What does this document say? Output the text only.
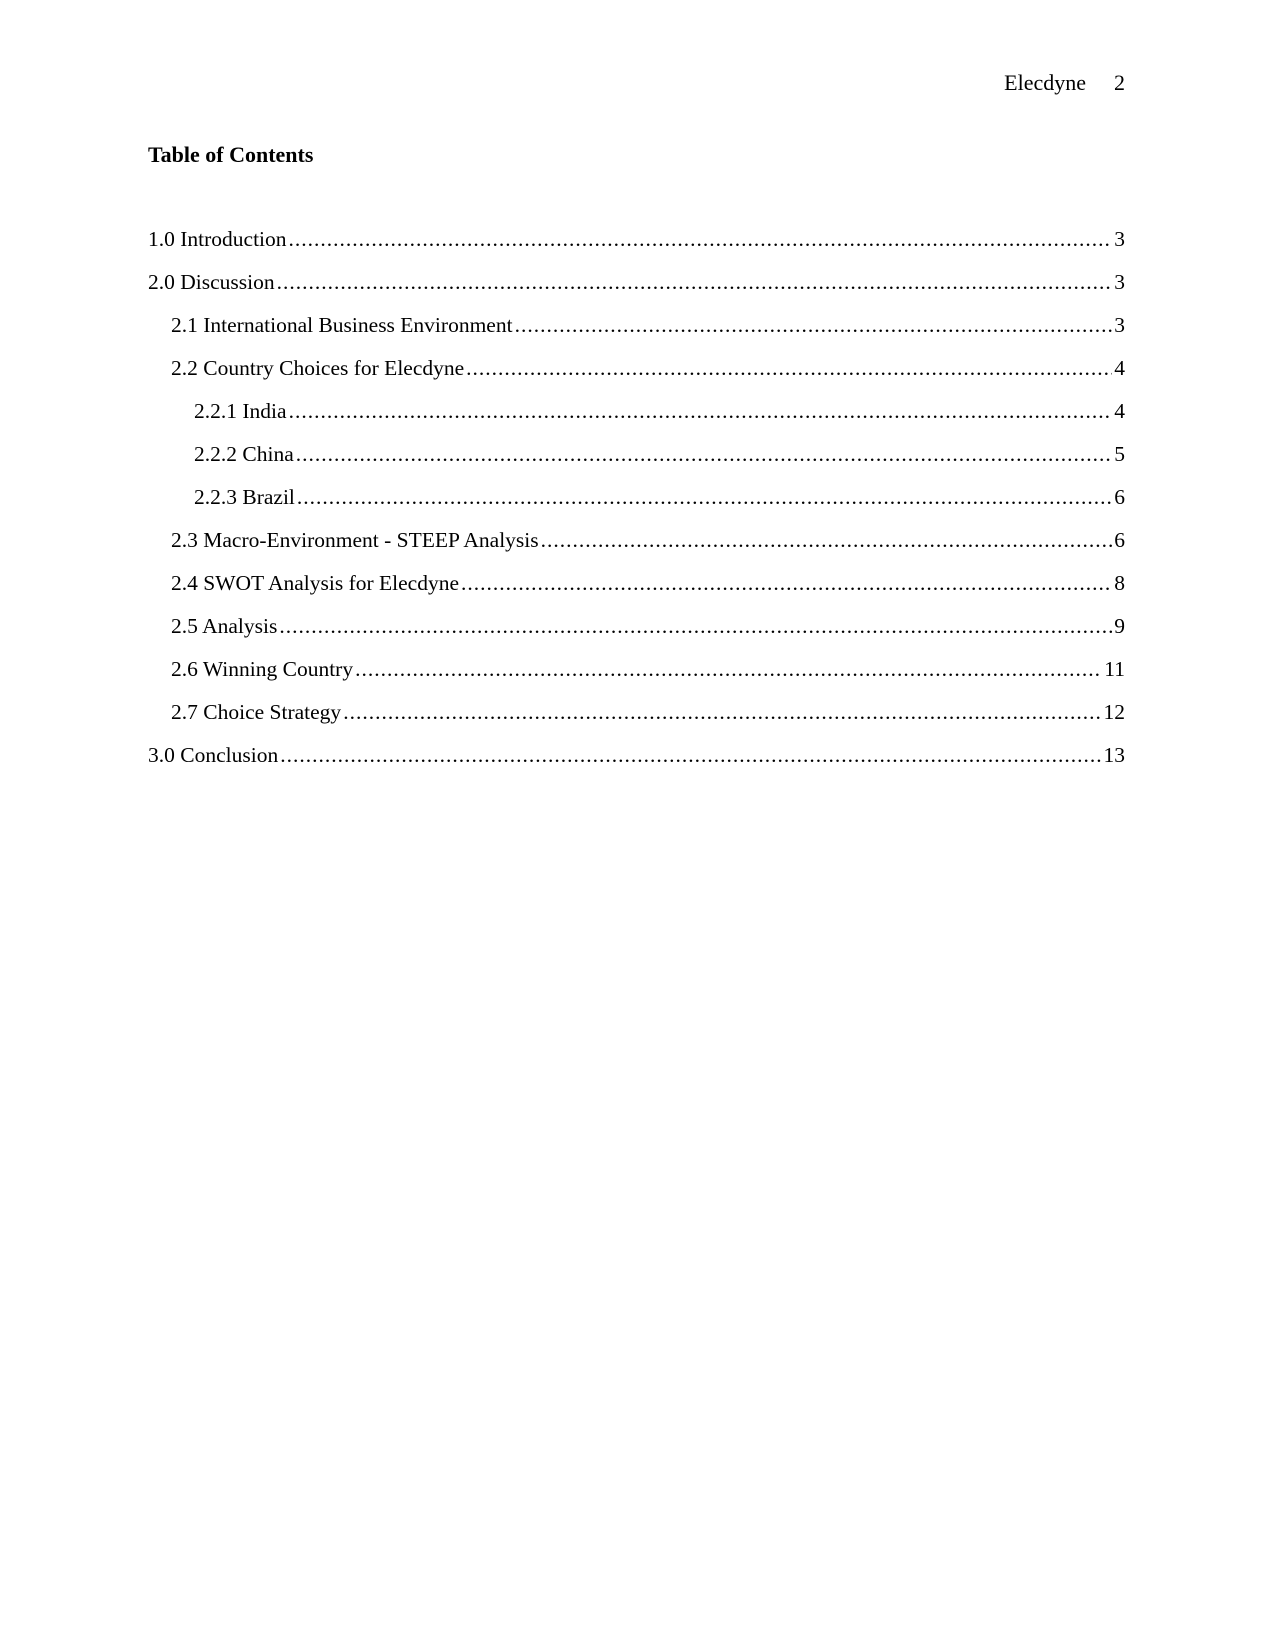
Elecdyne 2
Table of Contents
1.0 Introduction .....	3
2.0 Discussion .....	3
2.1 International Business Environment .....	3
2.2 Country Choices for Elecdyne .....	4
2.2.1 India .....	4
2.2.2 China .....	5
2.2.3 Brazil .....	6
2.3 Macro-Environment - STEEP Analysis .....	6
2.4 SWOT Analysis for Elecdyne .....	8
2.5 Analysis .....	9
2.6 Winning Country .....	11
2.7 Choice Strategy .....	12
3.0 Conclusion .....	13
